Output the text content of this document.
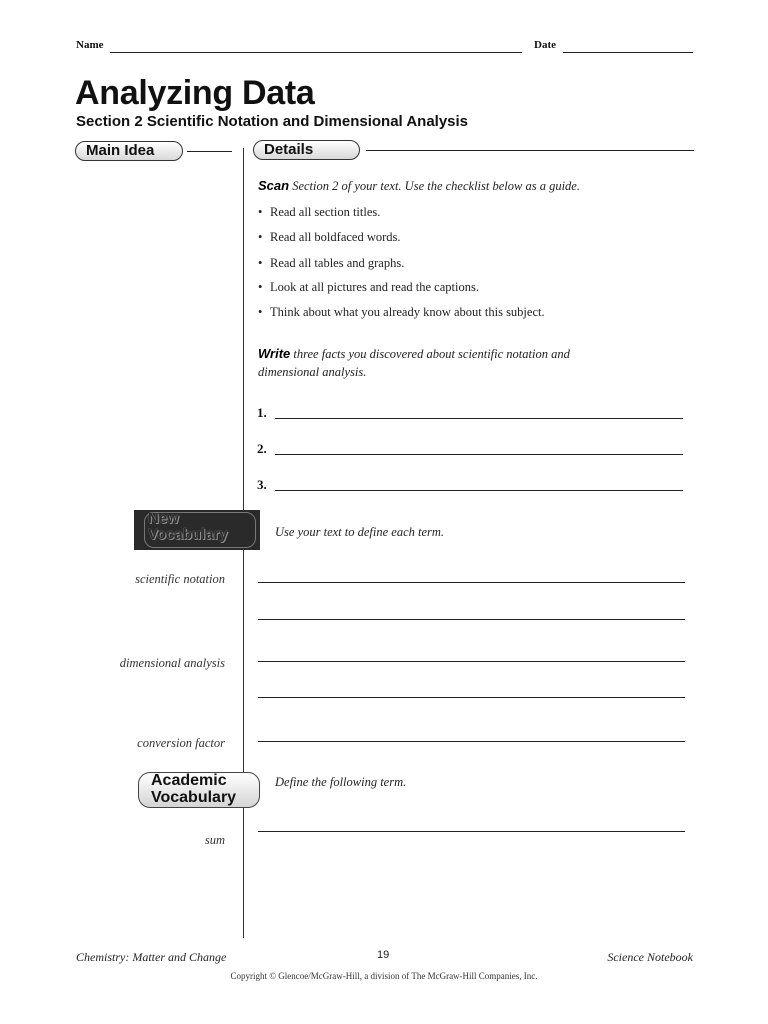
Name	Date
Analyzing Data
Section 2 Scientific Notation and Dimensional Analysis
Main Idea	Details
Scan Section 2 of your text. Use the checklist below as a guide.
• Read all section titles.
• Read all boldfaced words.
• Read all tables and graphs.
• Look at all pictures and read the captions.
• Think about what you already know about this subject.
Write three facts you discovered about scientific notation and
dimensional analysis.
1.
2.
3.
New
Vocabulary	Use your text to define each term.
scientific notation
dimensional analysis
conversion factor
Academic
Vocabulary
Define the following term.
sum
Chemistry: Matter and Change	19	Science Notebook
Copyright © Glencoe/McGraw-Hill, a division of The McGraw-Hill Companies, Inc.
